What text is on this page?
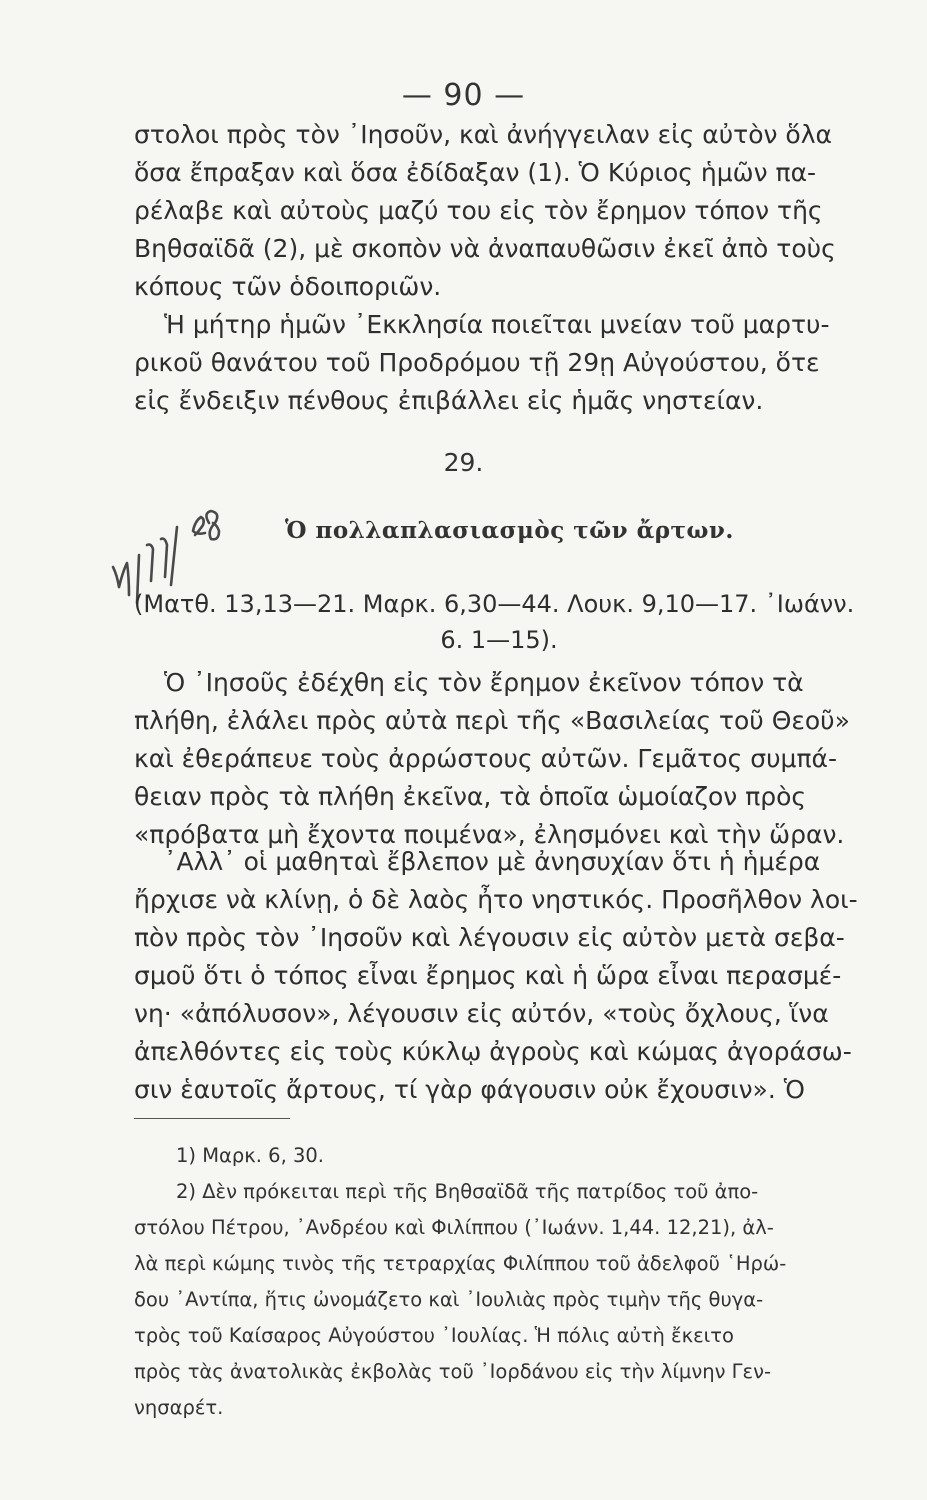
— 90 —
στολοι πρὸς τὸν ᾿Ιησοῦν, καὶ ἀνήγγειλαν εἰς αὐτὸν ὅλα
ὅσα ἔπραξαν καὶ ὅσα ἐδίδαξαν (1). Ὁ Κύριος ἡμῶν πα-
ρέλαβε καὶ αὐτοὺς μαζύ του εἰς τὸν ἔρημον τόπον τῆς
Βηθσαϊδᾶ (2), μὲ σκοπὸν νὰ ἀναπαυθῶσιν ἐκεῖ ἀπὸ τοὺς
κόπους τῶν ὁδοιποριῶν.
Ἡ μήτηρ ἡμῶν ᾿Εκκλησία ποιεῖται μνείαν τοῦ μαρτυ-
ρικοῦ θανάτου τοῦ Προδρόμου τῇ 29ῃ Αὐγούστου, ὅτε
εἰς ἔνδειξιν πένθους ἐπιβάλλει εἰς ἡμᾶς νηστείαν.
29.
Ὁ πολλαπλασιασμὸς τῶν ἄρτων.
(Ματθ. 13,13—21. Μαρκ. 6,30—44. Λουκ. 9,10—17. ᾿Ιωάνν.
6. 1—15).
Ὁ ᾿Ιησοῦς ἐδέχθη εἰς τὸν ἔρημον ἐκεῖνον τόπον τὰ
πλήθη, ἐλάλει πρὸς αὐτὰ περὶ τῆς «Βασιλείας τοῦ Θεοῦ»
καὶ ἐθεράπευε τοὺς ἀρρώστους αὐτῶν. Γεμᾶτος συμπά-
θειαν πρὸς τὰ πλήθη ἐκεῖνα, τὰ ὁποῖα ὡμοίαζον πρὸς
«πρόβατα μὴ ἔχοντα ποιμένα», ἐλησμόνει καὶ τὴν ὥραν.
᾿Αλλ᾿ οἱ μαθηταὶ ἔβλεπον μὲ ἀνησυχίαν ὅτι ἡ ἡμέρα
ἤρχισε νὰ κλίνῃ, ὁ δὲ λαὸς ἦτο νηστικός. Προσῆλθον λοι-
πὸν πρὸς τὸν ᾿Ιησοῦν καὶ λέγουσιν εἰς αὐτὸν μετὰ σεβα-
σμοῦ ὅτι ὁ τόπος εἶναι ἔρημος καὶ ἡ ὥρα εἶναι περασμέ-
νη· «ἀπόλυσον», λέγουσιν εἰς αὐτόν, «τοὺς ὄχλους, ἵνα
ἀπελθόντες εἰς τοὺς κύκλῳ ἀγροὺς καὶ κώμας ἀγοράσω-
σιν ἑαυτοῖς ἄρτους, τί γὰρ φάγουσιν οὐκ ἔχουσιν». Ὁ
1) Μαρκ. 6, 30.
2) Δὲν πρόκειται περὶ τῆς Βηθσαϊδᾶ τῆς πατρίδος τοῦ ἀπο-
στόλου Πέτρου, ᾿Ανδρέου καὶ Φιλίππου (᾿Ιωάνν. 1,44. 12,21), ἀλ-
λὰ περὶ κώμης τινὸς τῆς τετραρχίας Φιλίππου τοῦ ἀδελφοῦ ῾Ηρώ-
δου ᾿Αντίπα, ἥτις ὠνομάζετο καὶ ᾿Ιουλιὰς πρὸς τιμὴν τῆς θυγα-
τρὸς τοῦ Καίσαρος Αὐγούστου ᾿Ιουλίας. Ἡ πόλις αὐτὴ ἔκειτο
πρὸς τὰς ἀνατολικὰς ἐκβολὰς τοῦ ᾿Ιορδάνου εἰς τὴν λίμνην Γεν-
νησαρέτ.
